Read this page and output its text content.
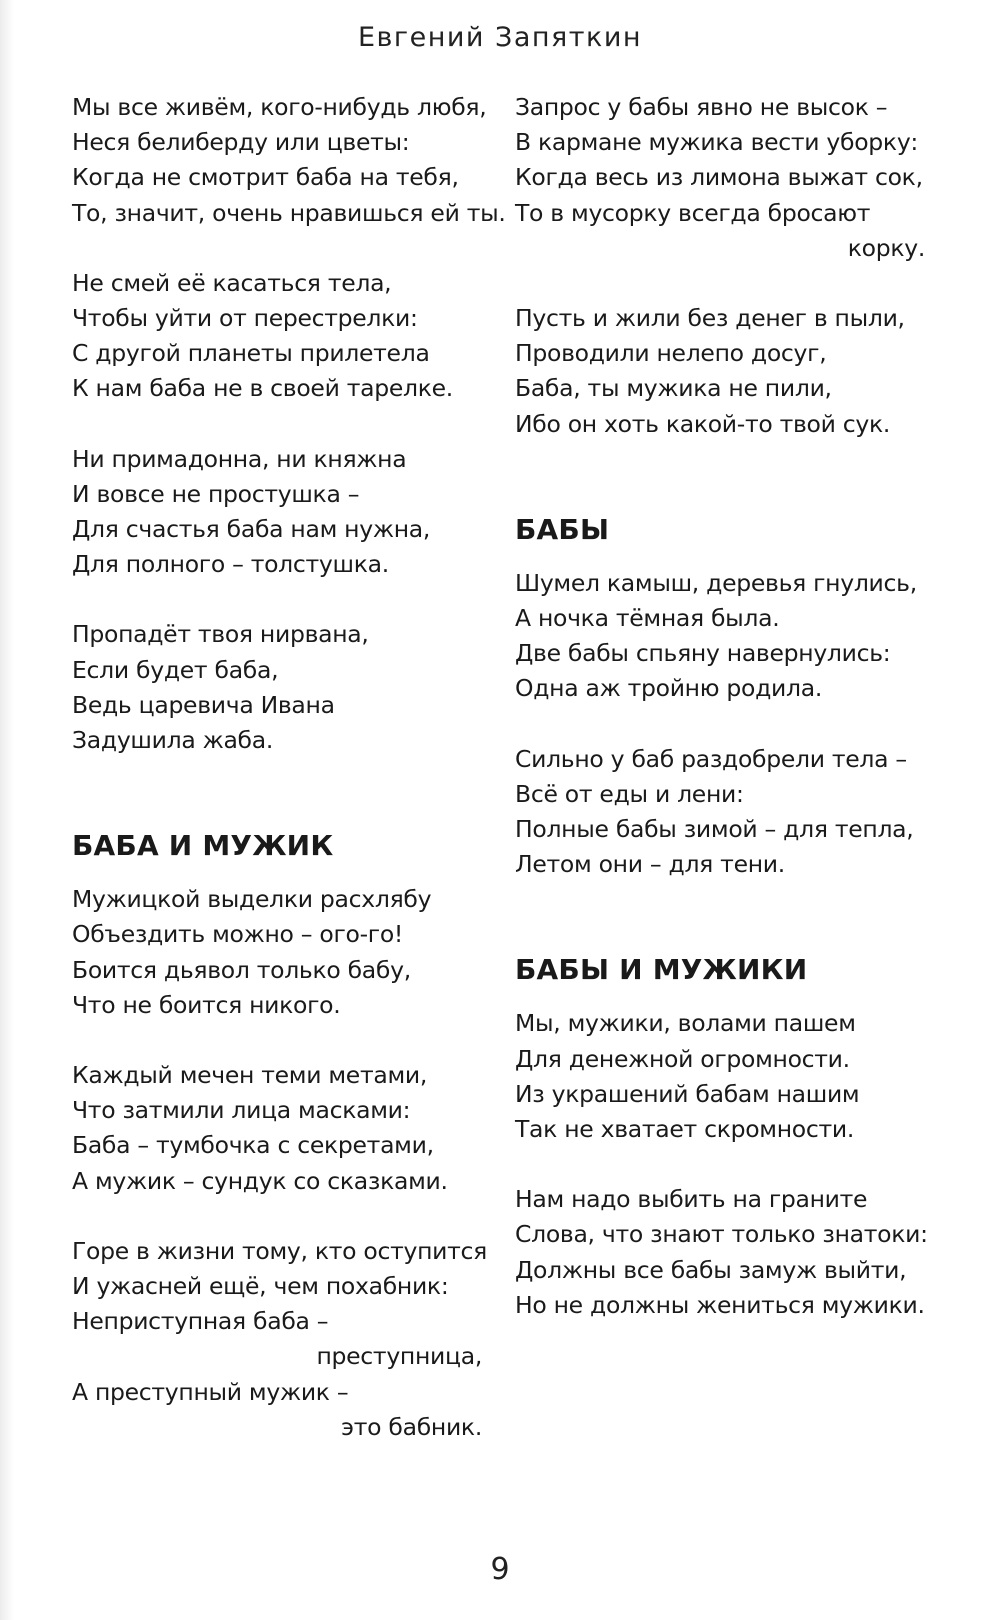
Евгений Запяткин
Мы все живём, кого-нибудь любя,
Неся белиберду или цветы:
Когда не смотрит баба на тебя,
То, значит, очень нравишься ей ты.
Не смей её касаться тела,
Чтобы уйти от перестрелки:
С другой планеты прилетела
К нам баба не в своей тарелке.
Ни примадонна, ни княжна
И вовсе не простушка –
Для счастья баба нам нужна,
Для полного – толстушка.
Пропадёт твоя нирвана,
Если будет баба,
Ведь царевича Ивана
Задушила жаба.
БАБА И МУЖИК
Мужицкой выделки расхлябу
Объездить можно – ого-го!
Боится дьявол только бабу,
Что не боится никого.
Каждый мечен теми метами,
Что затмили лица масками:
Баба – тумбочка с секретами,
А мужик – сундук со сказками.
Горе в жизни тому, кто оступится
И ужасней ещё, чем похабник:
Неприступная баба –
преступница,
А преступный мужик –
это бабник.
Запрос у бабы явно не высок –
В кармане мужика вести уборку:
Когда весь из лимона выжат сок,
То в мусорку всегда бросают
корку.
Пусть и жили без денег в пыли,
Проводили нелепо досуг,
Баба, ты мужика не пили,
Ибо он хоть какой-то твой сук.
БАБЫ
Шумел камыш, деревья гнулись,
А ночка тёмная была.
Две бабы спьяну навернулись:
Одна аж тройню родила.
Сильно у баб раздобрели тела –
Всё от еды и лени:
Полные бабы зимой – для тепла,
Летом они – для тени.
БАБЫ И МУЖИКИ
Мы, мужики, волами пашем
Для денежной огромности.
Из украшений бабам нашим
Так не хватает скромности.
Нам надо выбить на граните
Слова, что знают только знатоки:
Должны все бабы замуж выйти,
Но не должны жениться мужики.
9
